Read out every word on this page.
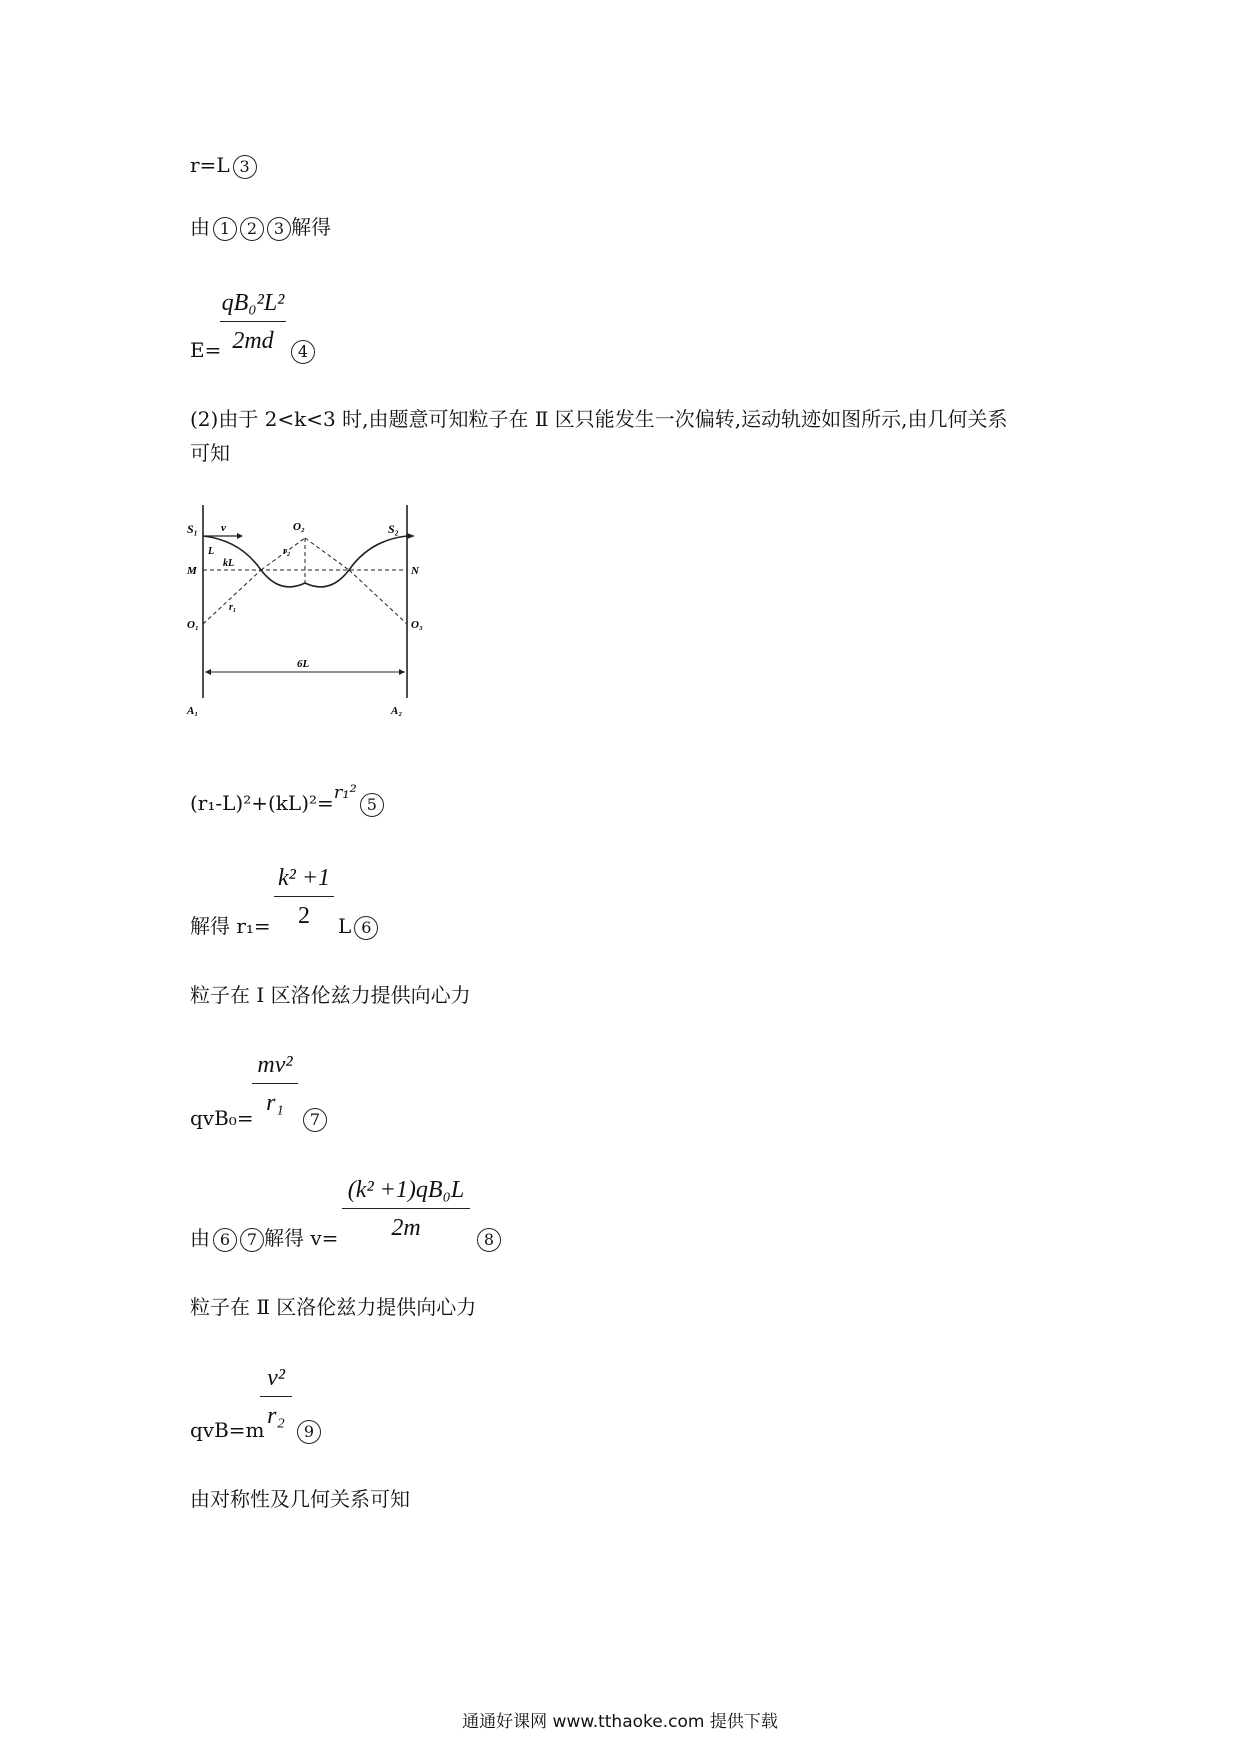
r=L 3
由 1 2 3 解得
E=
qB₀²L²
2md	4
(2)由于 2<k<3 时,由题意可知粒子在 Ⅱ 区只能发生一次偏转,运动轨迹如图所示,由几何关系
可知
S₁	S₂
v	O₂
L
kL
r₂
M	N
O₁	O₃
r₁
6L
A₁	A₂
(r₁-L)²+(kL)²=r₁²5
解得 r₁=
k² +1
2	L 6
粒子在 Ⅰ 区洛伦兹力提供向心力
qvB₀=
mv²
r₁
7
由 6 7 解得 v=
(k² +1)qB₀L
2m	8
粒子在 Ⅱ 区洛伦兹力提供向心力
qvB=m
v²
r₂
9
由对称性及几何关系可知
通通好课网 www.tthaoke.com 提供下载
